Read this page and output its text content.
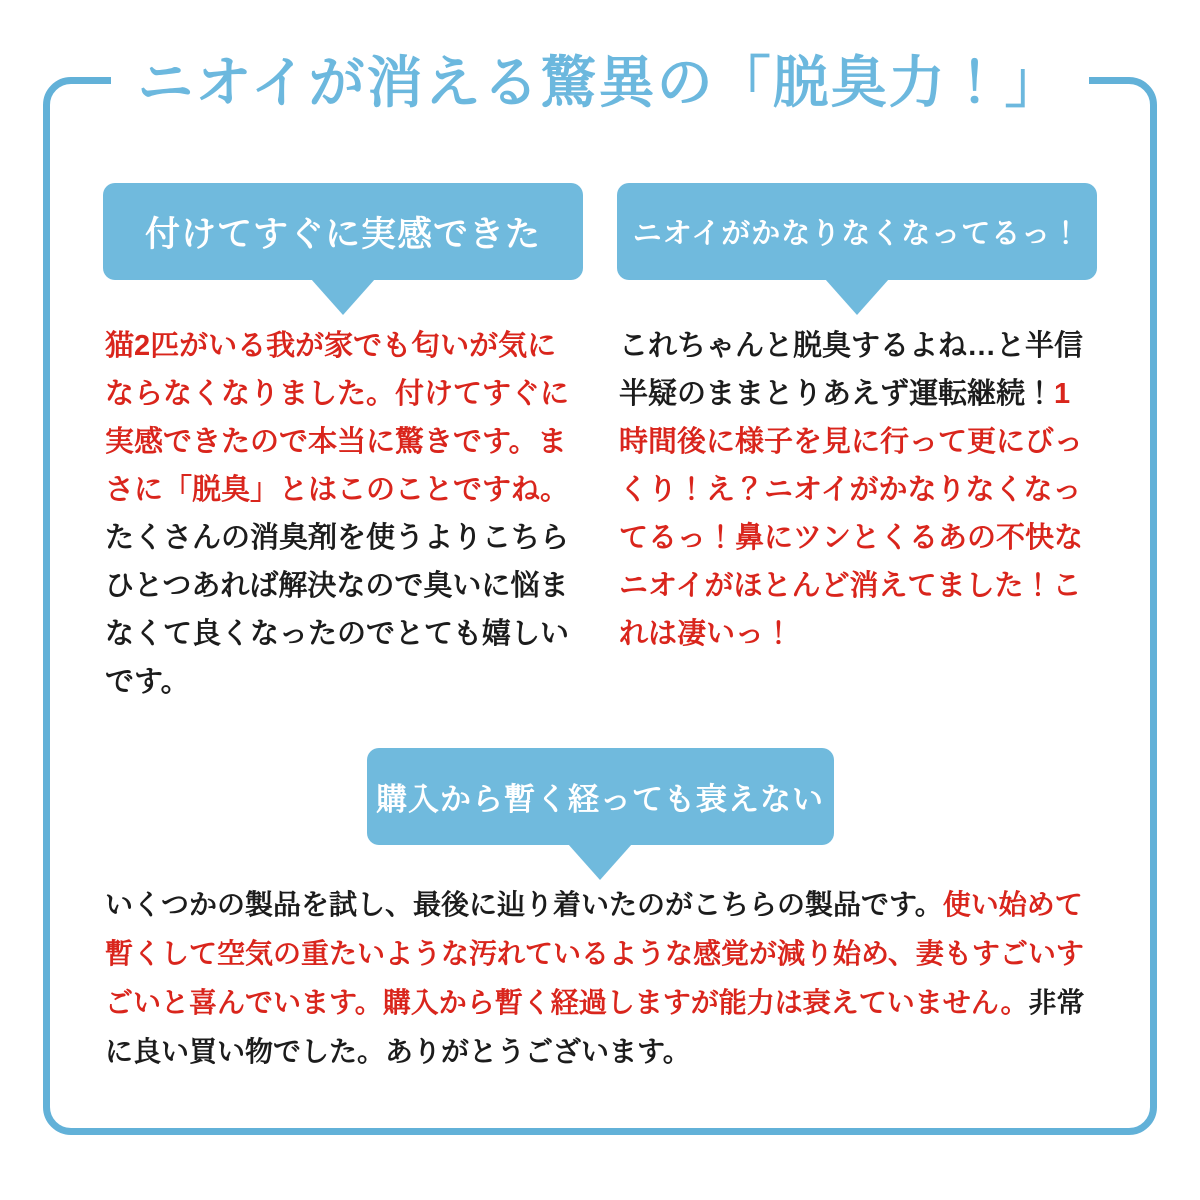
ニオイが消える驚異の「脱臭力！」
付けてすぐに実感できた

猫2匹がいる我が家でも匂いが気にならなくなりました。付けてすぐに実感できたので本当に驚きです。まさに「脱臭」とはこのことですね。たくさんの消臭剤を使うよりこちらひとつあれば解決なので臭いに悩まなくて良くなったのでとても嬉しいです。

ニオイがかなりなくなってるっ！

これちゃんと脱臭するよね…と半信半疑のままとりあえず運転継続！1時間後に様子を見に行って更にびっくり！え？ニオイがかなりなくなってるっ！鼻にツンとくるあの不快なニオイがほとんど消えてました！これは凄いっ！

購入から暫く経っても衰えない

いくつかの製品を試し、最後に辿り着いたのがこちらの製品です。使い始めて暫くして空気の重たいような汚れているような感覚が減り始め、妻もすごいすごいと喜んでいます。購入から暫く経過しますが能力は衰えていません。非常に良い買い物でした。ありがとうございます。
